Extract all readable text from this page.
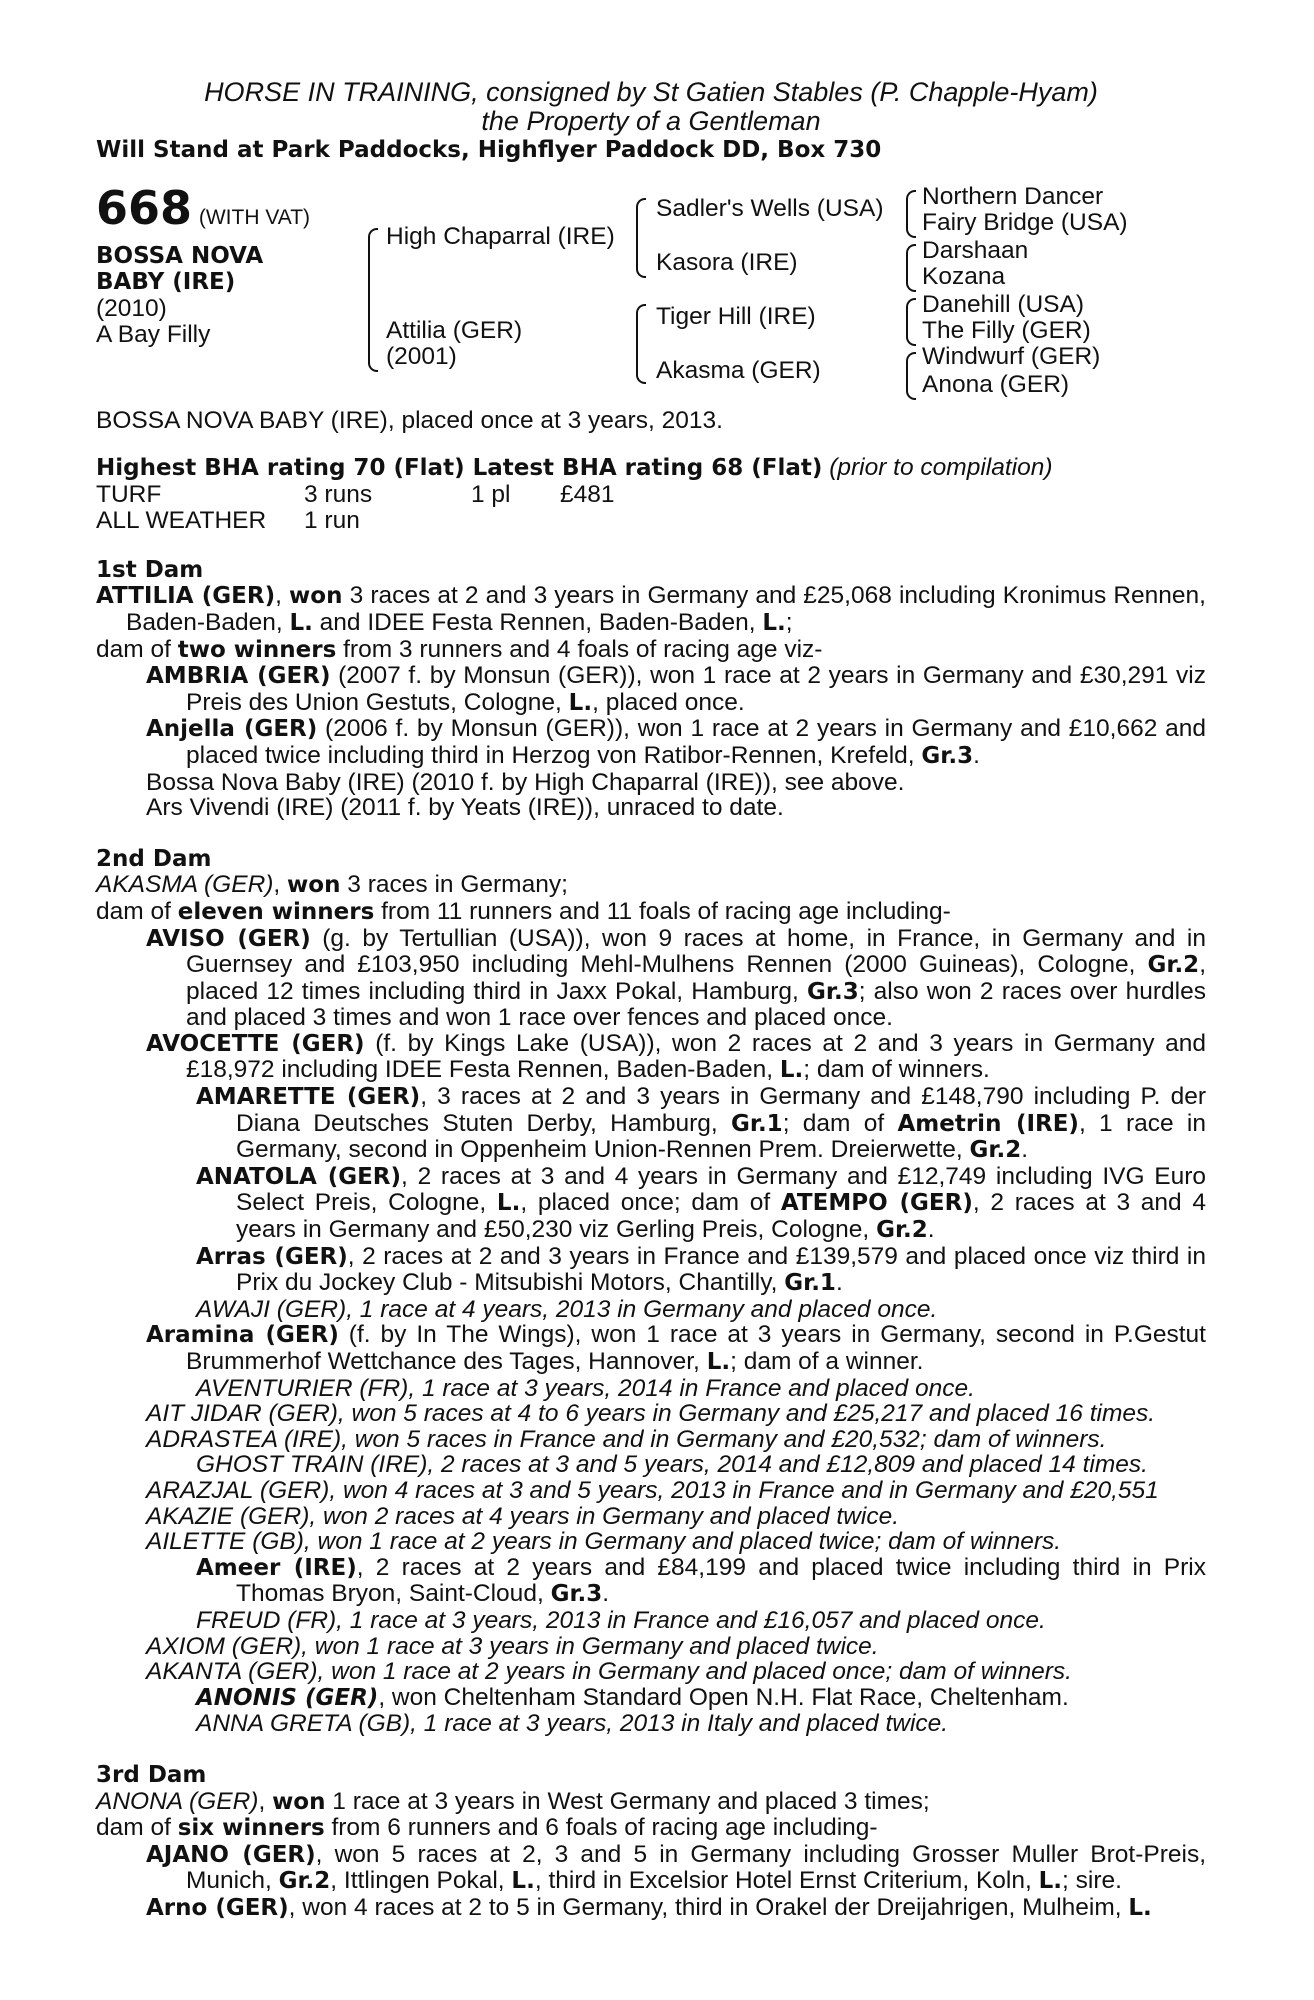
HORSE IN TRAINING, consigned by St Gatien Stables (P. Chapple-Hyam)
the Property of a Gentleman
Will Stand at Park Paddocks, Highflyer Paddock DD, Box 730
668 (WITH VAT)
BOSSA NOVA
BABY (IRE)
(2010)
A Bay Filly
High Chaparral (IRE)
Attilia (GER)
(2001)
Sadler's Wells (USA)
Kasora (IRE)
Tiger Hill (IRE)
Akasma (GER)
Northern Dancer
Fairy Bridge (USA)
Darshaan
Kozana
Danehill (USA)
The Filly (GER)
Windwurf (GER)
Anona (GER)

BOSSA NOVA BABY (IRE), placed once at 3 years, 2013.

Highest BHA rating 70 (Flat) Latest BHA rating 68 (Flat) (prior to compilation)

TURF	3 runs	1 pl £481
ALL WEATHER 1 run
1st Dam

ATTILIA (GER), won 3 races at 2 and 3 years in Germany and £25,068 including Kronimus Rennen, Baden-Baden, L. and IDEE Festa Rennen, Baden-Baden, L.;

dam of two winners from 3 runners and 4 foals of racing age viz-

AMBRIA (GER) (2007 f. by Monsun (GER)), won 1 race at 2 years in Germany and £30,291 viz Preis des Union Gestuts, Cologne, L., placed once.

Anjella (GER) (2006 f. by Monsun (GER)), won 1 race at 2 years in Germany and £10,662 and placed twice including third in Herzog von Ratibor-Rennen, Krefeld, Gr.3.

Bossa Nova Baby (IRE) (2010 f. by High Chaparral (IRE)), see above.

Ars Vivendi (IRE) (2011 f. by Yeats (IRE)), unraced to date.

2nd Dam

AKASMA (GER), won 3 races in Germany;

dam of eleven winners from 11 runners and 11 foals of racing age including-

AVISO (GER) (g. by Tertullian (USA)), won 9 races at home, in France, in Germany and in Guernsey and £103,950 including Mehl-Mulhens Rennen (2000 Guineas), Cologne, Gr.2, placed 12 times including third in Jaxx Pokal, Hamburg, Gr.3; also won 2 races over hurdles and placed 3 times and won 1 race over fences and placed once.

AVOCETTE (GER) (f. by Kings Lake (USA)), won 2 races at 2 and 3 years in Germany and £18,972 including IDEE Festa Rennen, Baden-Baden, L.; dam of winners.

AMARETTE (GER), 3 races at 2 and 3 years in Germany and £148,790 including P. der Diana Deutsches Stuten Derby, Hamburg, Gr.1; dam of Ametrin (IRE), 1 race in Germany, second in Oppenheim Union-Rennen Prem. Dreierwette, Gr.2.

ANATOLA (GER), 2 races at 3 and 4 years in Germany and £12,749 including IVG Euro Select Preis, Cologne, L., placed once; dam of ATEMPO (GER), 2 races at 3 and 4 years in Germany and £50,230 viz Gerling Preis, Cologne, Gr.2.

Arras (GER), 2 races at 2 and 3 years in France and £139,579 and placed once viz third in Prix du Jockey Club - Mitsubishi Motors, Chantilly, Gr.1.

AWAJI (GER), 1 race at 4 years, 2013 in Germany and placed once.

Aramina (GER) (f. by In The Wings), won 1 race at 3 years in Germany, second in P.Gestut Brummerhof Wettchance des Tages, Hannover, L.; dam of a winner.

AVENTURIER (FR), 1 race at 3 years, 2014 in France and placed once.

AIT JIDAR (GER), won 5 races at 4 to 6 years in Germany and £25,217 and placed 16 times.

ADRASTEA (IRE), won 5 races in France and in Germany and £20,532; dam of winners.

GHOST TRAIN (IRE), 2 races at 3 and 5 years, 2014 and £12,809 and placed 14 times.

ARAZJAL (GER), won 4 races at 3 and 5 years, 2013 in France and in Germany and £20,551

AKAZIE (GER), won 2 races at 4 years in Germany and placed twice.

AILETTE (GB), won 1 race at 2 years in Germany and placed twice; dam of winners.

Ameer (IRE), 2 races at 2 years and £84,199 and placed twice including third in Prix Thomas Bryon, Saint-Cloud, Gr.3.

FREUD (FR), 1 race at 3 years, 2013 in France and £16,057 and placed once.

AXIOM (GER), won 1 race at 3 years in Germany and placed twice.

AKANTA (GER), won 1 race at 2 years in Germany and placed once; dam of winners.

ANONIS (GER), won Cheltenham Standard Open N.H. Flat Race, Cheltenham.

ANNA GRETA (GB), 1 race at 3 years, 2013 in Italy and placed twice.

3rd Dam

ANONA (GER), won 1 race at 3 years in West Germany and placed 3 times;

dam of six winners from 6 runners and 6 foals of racing age including-

AJANO (GER), won 5 races at 2, 3 and 5 in Germany including Grosser Muller Brot-Preis, Munich, Gr.2, Ittlingen Pokal, L., third in Excelsior Hotel Ernst Criterium, Koln, L.; sire.

Arno (GER), won 4 races at 2 to 5 in Germany, third in Orakel der Dreijahrigen, Mulheim, L.
